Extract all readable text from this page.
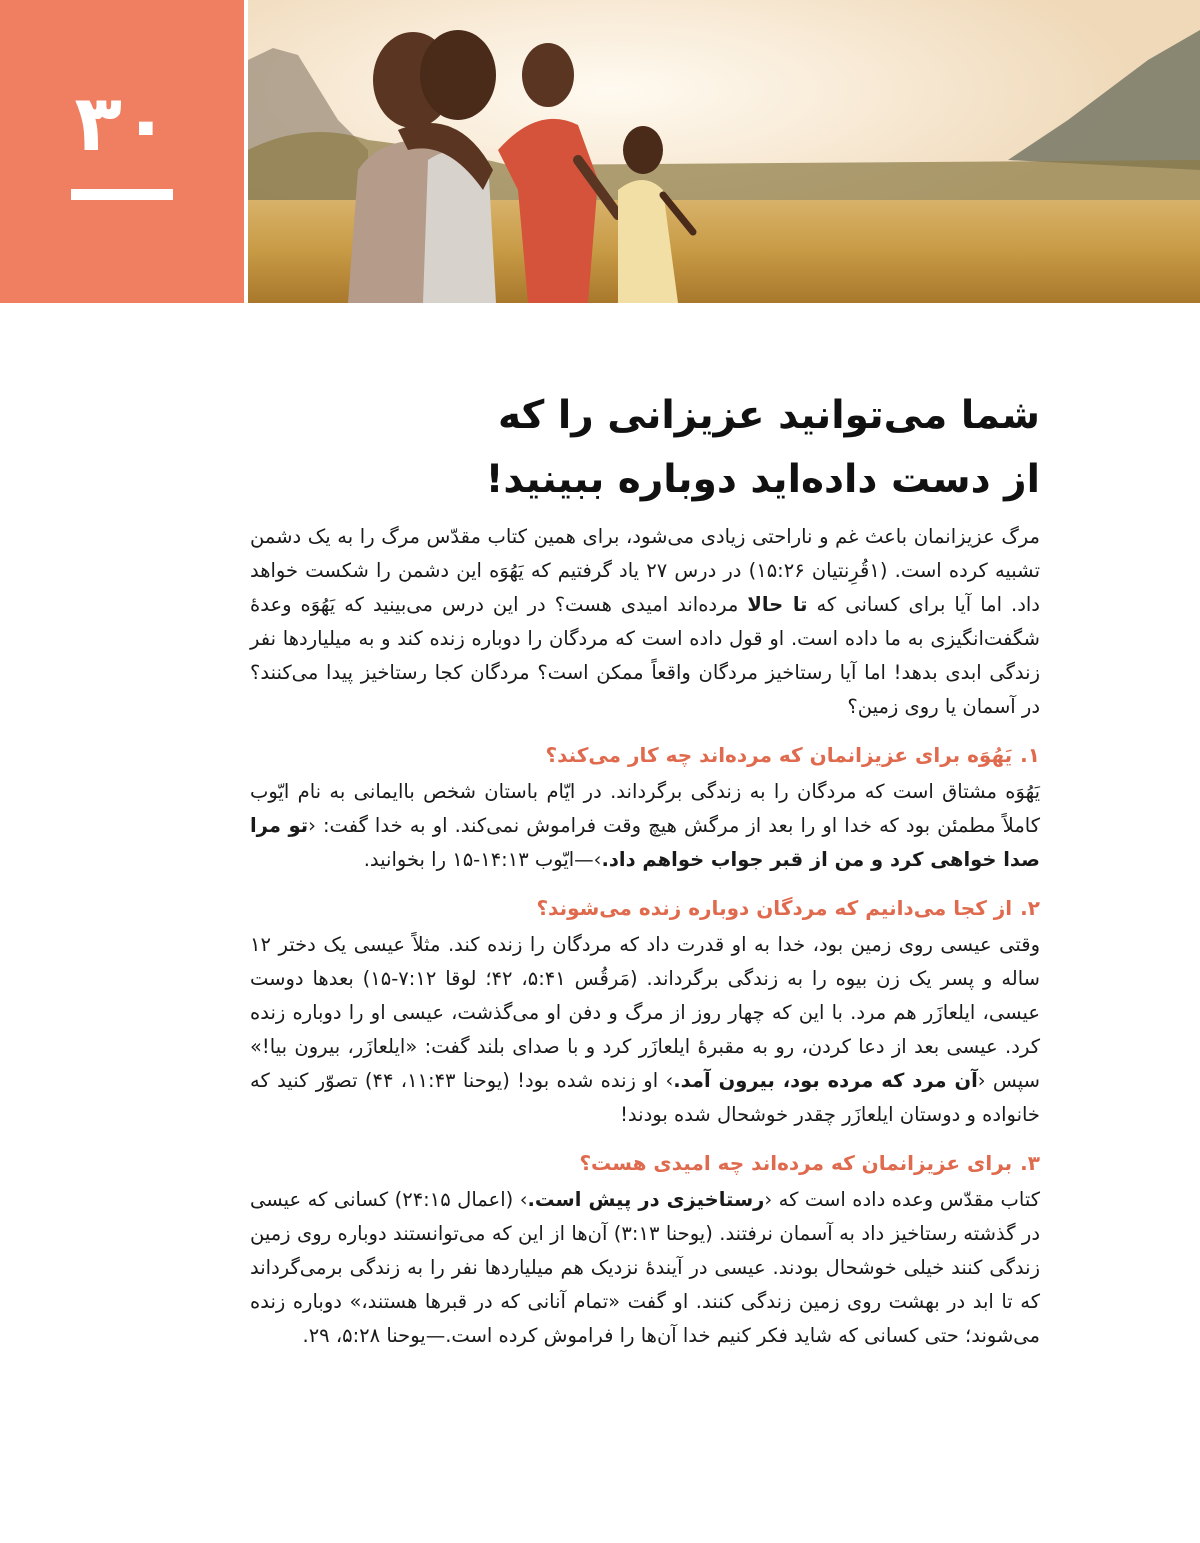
۳۰
شما می‌توانید عزیزانی را که
از دست داده‌اید دوباره ببینید!

مرگ عزیزانمان باعث غم و ناراحتی زیادی می‌شود، برای همین کتاب مقدّس مرگ را به یک دشمن تشبیه کرده است. (۱قُرِنتیان ۱۵:۲۶) در درس ۲۷ یاد گرفتیم که یَهُوَه این دشمن را شکست خواهد داد. اما آیا برای کسانی که تا حالا مرده‌اند امیدی هست؟ در این درس می‌بینید که یَهُوَه وعدهٔ شگفت‌انگیزی به ما داده است. او قول داده است که مردگان را دوباره زنده کند و به میلیاردها نفر زندگی ابدی بدهد! اما آیا رستاخیز مردگان واقعاً ممکن است؟ مردگان کجا رستاخیز پیدا می‌کنند؟ در آسمان یا روی زمین؟

۱.یَهُوَه برای عزیزانمان که مرده‌اند چه کار می‌کند؟

یَهُوَه مشتاق است که مردگان را به زندگی برگرداند. در ایّام باستان شخص باایمانی به نام ایّوب کاملاً مطمئن بود که خدا او را بعد از مرگش هیچ وقت فراموش نمی‌کند. او به خدا گفت: ‹تو مرا صدا خواهی کرد و من از قبر جواب خواهم داد.›—ایّوب ۱۴:۱۳-۱۵ را بخوانید.

۲.از کجا می‌دانیم که مردگان دوباره زنده می‌شوند؟

وقتی عیسی روی زمین بود، خدا به او قدرت داد که مردگان را زنده کند. مثلاً عیسی یک دختر ۱۲ ساله و پسر یک زن بیوه را به زندگی برگرداند. (مَرقُس ۵:۴۱، ۴۲؛ لوقا ۷:۱۲-۱۵) بعدها دوست عیسی، ایلعازَر هم مرد. با این که چهار روز از مرگ و دفن او می‌گذشت، عیسی او را دوباره زنده کرد. عیسی بعد از دعا کردن، رو به مقبرهٔ ایلعازَر کرد و با صدای بلند گفت: «ایلعازَر، بیرون بیا!» سپس ‹آن مرد که مرده بود، بیرون آمد.› او زنده شده بود! (یوحنا ۱۱:۴۳، ۴۴) تصوّر کنید که خانواده و دوستان ایلعازَر چقدر خوشحال شده بودند!

۳.برای عزیزانمان که مرده‌اند چه امیدی هست؟

کتاب مقدّس وعده داده است که ‹رستاخیزی در پیش است.› (اعمال ۲۴:۱۵) کسانی که عیسی در گذشته رستاخیز داد به آسمان نرفتند. (یوحنا ۳:۱۳) آن‌ها از این که می‌توانستند دوباره روی زمین زندگی کنند خیلی خوشحال بودند. عیسی در آیندهٔ نزدیک هم میلیاردها نفر را به زندگی برمی‌گرداند که تا ابد در بهشت روی زمین زندگی کنند. او گفت «تمام آنانی که در قبرها هستند،» دوباره زنده می‌شوند؛ حتی کسانی که شاید فکر کنیم خدا آن‌ها را فراموش کرده است.—یوحنا ۵:۲۸، ۲۹.
